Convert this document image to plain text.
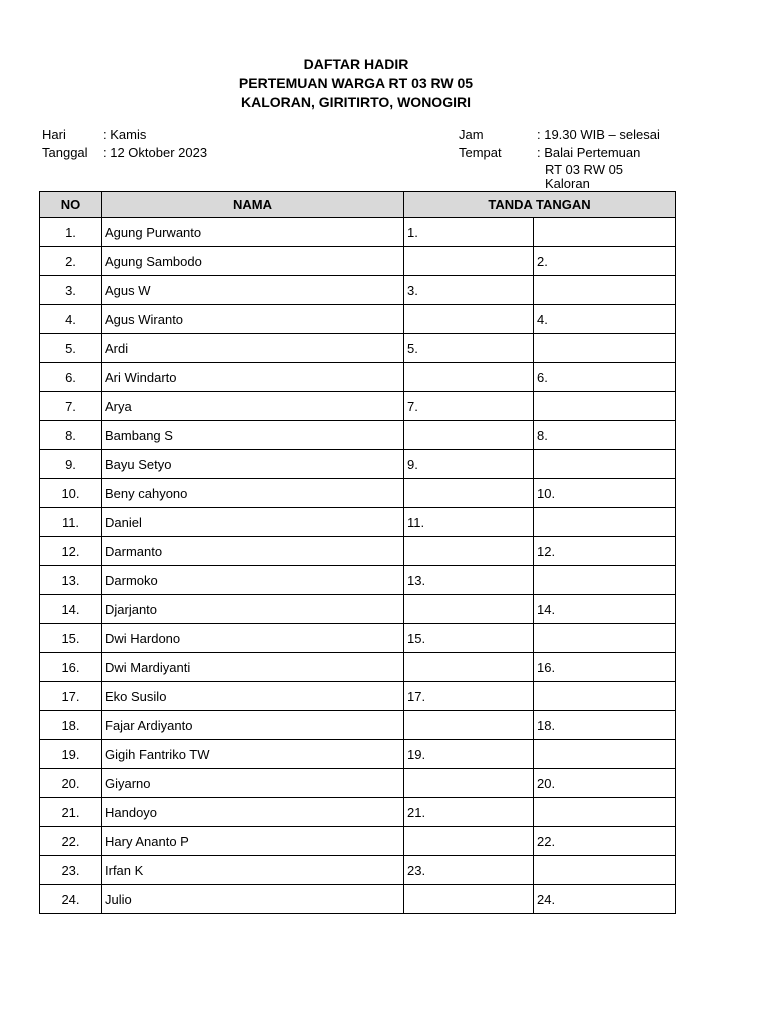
DAFTAR HADIR
PERTEMUAN WARGA RT 03 RW 05
KALORAN, GIRITIRTO, WONOGIRI
Hari	: Kamis
Tanggal : 12 Oktober 2023
Jam	: 19.30 WIB – selesai
Tempat	: Balai Pertemuan
RT 03 RW 05
Kaloran
NO	NAMA	TANDA TANGAN	
1.	Agung Purwanto	1.	
2.	Agung Sambodo		2.
3.	Agus W	3.	
4.	Agus Wiranto		4.
5.	Ardi	5.	
6.	Ari Windarto		6.
7.	Arya	7.	
8.	Bambang S		8.
9.	Bayu Setyo	9.	
10.	Beny cahyono		10.
11.	Daniel	11.	
12.	Darmanto		12.
13.	Darmoko	13.	
14.	Djarjanto		14.
15.	Dwi Hardono	15.	
16.	Dwi Mardiyanti		16.
17.	Eko Susilo	17.	
18.	Fajar Ardiyanto		18.
19.	Gigih Fantriko TW	19.	
20.	Giyarno		20.
21.	Handoyo	21.	
22.	Hary Ananto P		22.
23.	Irfan K	23.	
24.	Julio		24.
